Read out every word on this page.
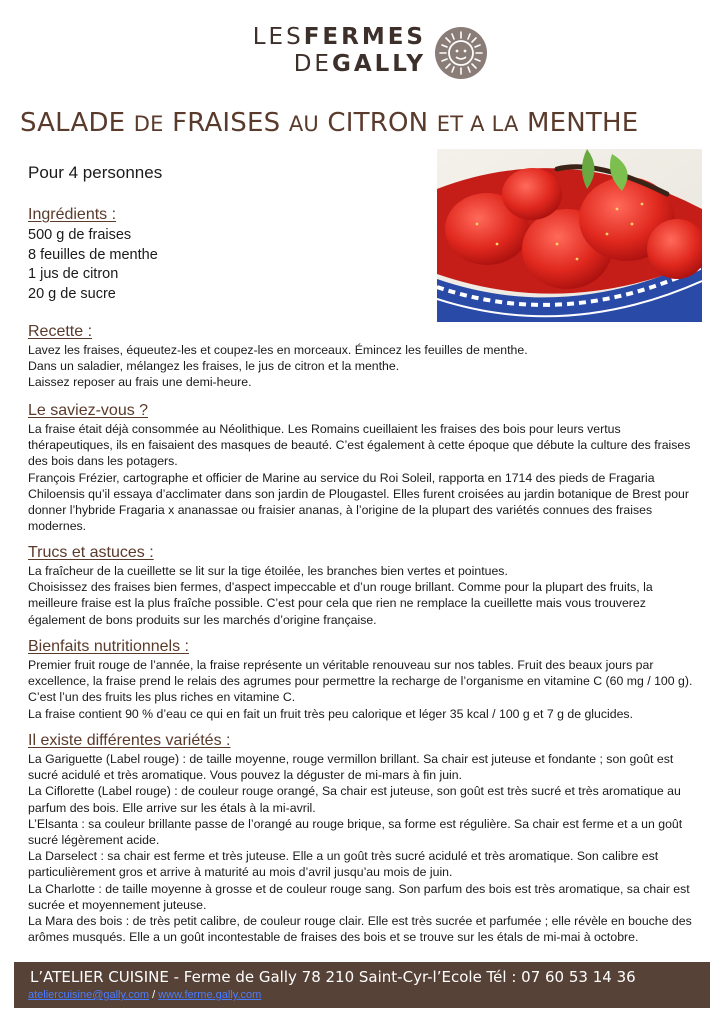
LESFERMES
DEGALLY
SALADE DE FRAISES AU CITRON ET A LA MENTHE
Pour 4 personnes
Ingrédients :
500 g de fraises
8 feuilles de menthe
1 jus de citron
20 g de sucre
Recette :
Lavez les fraises, équeutez-les et coupez-les en morceaux. Émincez les feuilles de menthe.
Dans un saladier, mélangez les fraises, le jus de citron et la menthe.
Laissez reposer au frais une demi-heure.
Le saviez-vous ?
La fraise était déjà consommée au Néolithique. Les Romains cueillaient les fraises des bois pour leurs vertus thérapeutiques, ils en faisaient des masques de beauté. C’est également à cette époque que débute la culture des fraises des bois dans les potagers.
François Frézier, cartographe et officier de Marine au service du Roi Soleil, rapporta en 1714 des pieds de Fragaria Chiloensis qu’il essaya d’acclimater dans son jardin de Plougastel. Elles furent croisées au jardin botanique de Brest pour donner l’hybride Fragaria x ananassae ou fraisier ananas, à l’origine de la plupart des variétés connues des fraises modernes.
Trucs et astuces :
La fraîcheur de la cueillette se lit sur la tige étoilée, les branches bien vertes et pointues.
Choisissez des fraises bien fermes, d’aspect impeccable et d’un rouge brillant. Comme pour la plupart des fruits, la meilleure fraise est la plus fraîche possible. C’est pour cela que rien ne remplace la cueillette mais vous trouverez également de bons produits sur les marchés d’origine française.
Bienfaits nutritionnels :
Premier fruit rouge de l’année, la fraise représente un véritable renouveau sur nos tables. Fruit des beaux jours par excellence, la fraise prend le relais des agrumes pour permettre la recharge de l’organisme en vitamine C (60 mg / 100 g). C’est l’un des fruits les plus riches en vitamine C.
La fraise contient 90 % d’eau ce qui en fait un fruit très peu calorique et léger 35 kcal / 100 g et 7 g de glucides.
Il existe différentes variétés :
La Gariguette (Label rouge) : de taille moyenne, rouge vermillon brillant. Sa chair est juteuse et fondante ; son goût est sucré acidulé et très aromatique. Vous pouvez la déguster de mi-mars à fin juin.
La Ciflorette (Label rouge) : de couleur rouge orangé, Sa chair est juteuse, son goût est très sucré et très aromatique au parfum des bois. Elle arrive sur les étals à la mi-avril.
L’Elsanta : sa couleur brillante passe de l’orangé au rouge brique, sa forme est régulière. Sa chair est ferme et a un goût sucré légèrement acide.
La Darselect : sa chair est ferme et très juteuse. Elle a un goût très sucré acidulé et très aromatique. Son calibre est particulièrement gros et arrive à maturité au mois d’avril jusqu’au mois de juin.
La Charlotte : de taille moyenne à grosse et de couleur rouge sang. Son parfum des bois est très aromatique, sa chair est sucrée et moyennement juteuse.
La Mara des bois : de très petit calibre, de couleur rouge clair. Elle est très sucrée et parfumée ; elle révèle en bouche des arômes musqués. Elle a un goût incontestable de fraises des bois et se trouve sur les étals de mi-mai à octobre.
L’ATELIER CUISINE - Ferme de Gally 78 210 Saint-Cyr-l’Ecole Tél : 07 60 53 14 36
ateliercuisine@gally.com / www.ferme.gally.com
